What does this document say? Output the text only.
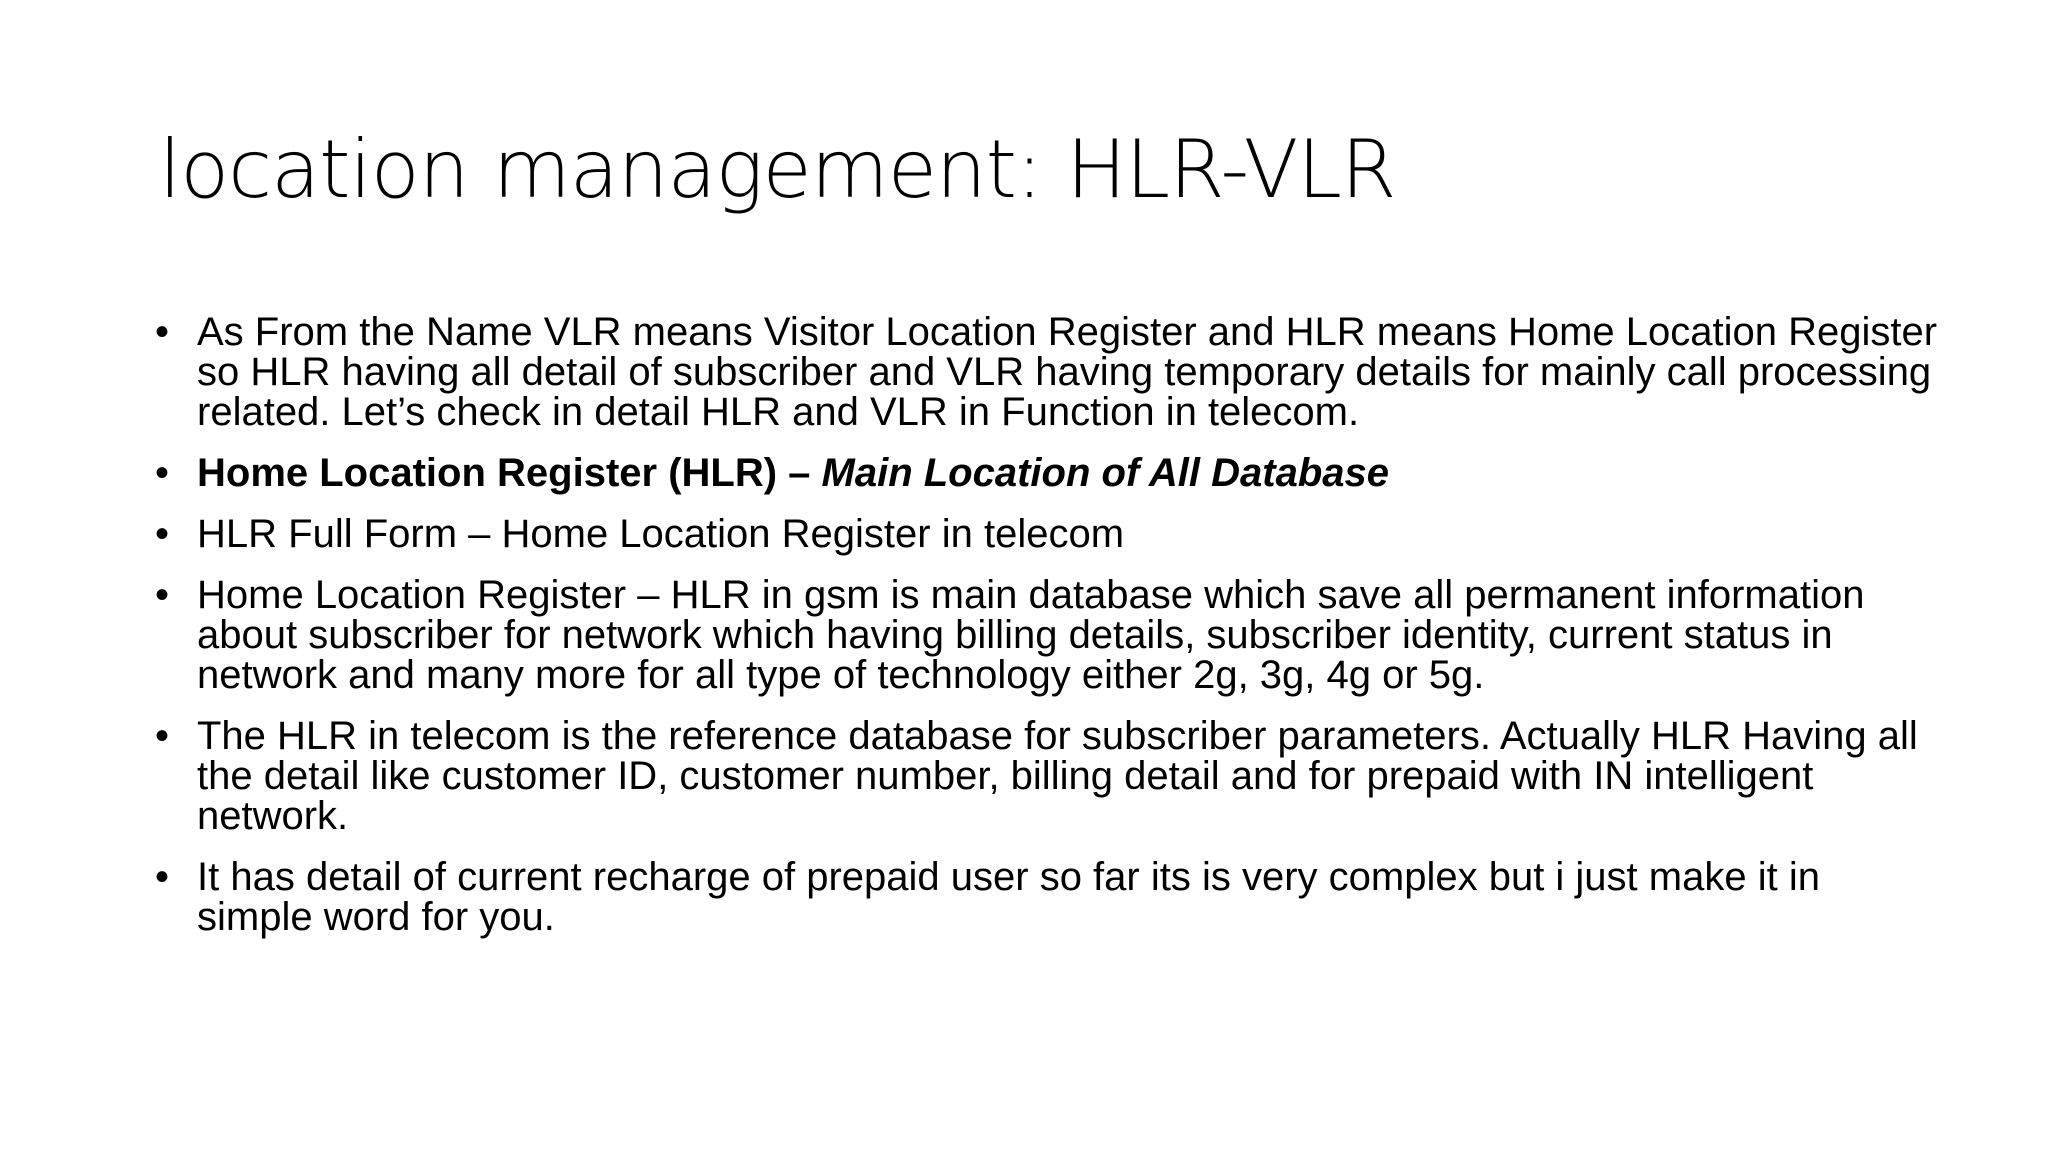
location management: HLR-VLR
• As From the Name VLR means Visitor Location Register and HLR means Home Location Register so HLR having all detail of subscriber and VLR having temporary details for mainly call processing related. Let’s check in detail HLR and VLR in Function in telecom.
• Home Location Register (HLR) – Main Location of All Database
• HLR Full Form – Home Location Register in telecom
• Home Location Register – HLR in gsm is main database which save all permanent information about subscriber for network which having billing details, subscriber identity, current status in network and many more for all type of technology either 2g, 3g, 4g or 5g.
• The HLR in telecom is the reference database for subscriber parameters. Actually HLR Having all the detail like customer ID, customer number, billing detail and for prepaid with IN intelligent network.
• It has detail of current recharge of prepaid user so far its is very complex but i just make it in simple word for you.
